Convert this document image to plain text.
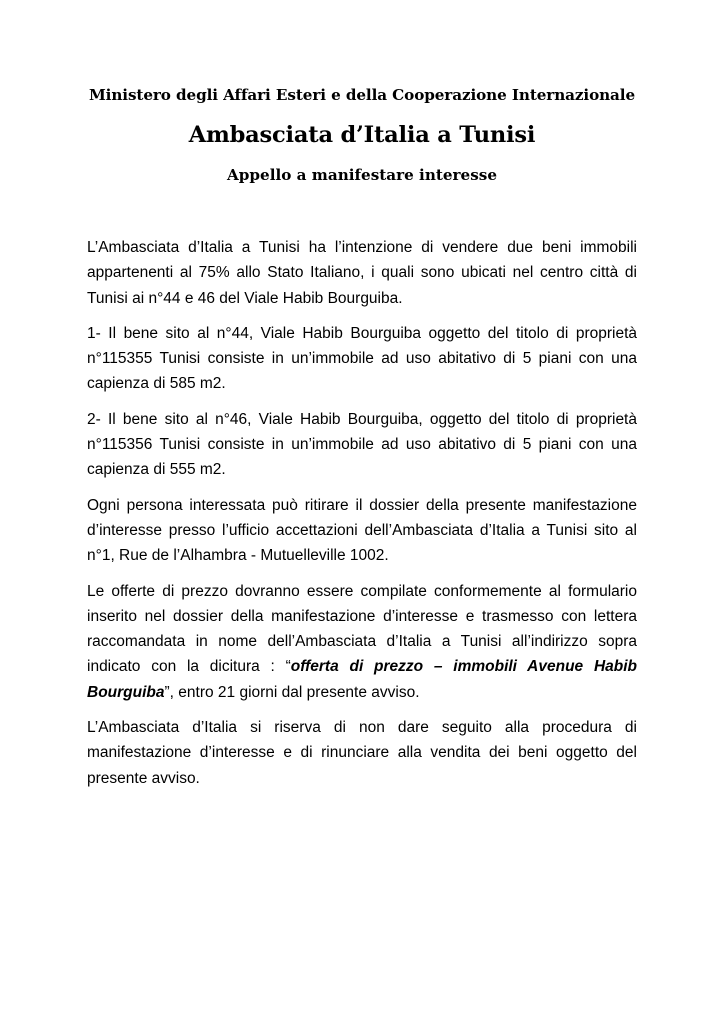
Ministero degli Affari Esteri e della Cooperazione Internazionale
Ambasciata d’Italia a Tunisi
Appello a manifestare interesse

L’Ambasciata d’Italia a Tunisi ha l’intenzione di vendere due beni immobili appartenenti al 75% allo Stato Italiano, i quali sono ubicati nel centro città di Tunisi ai n°44 e 46 del Viale Habib Bourguiba.

1- Il bene sito al n°44, Viale Habib Bourguiba oggetto del titolo di proprietà n°115355 Tunisi consiste in un’immobile ad uso abitativo di 5 piani con una capienza di 585 m2.

2- Il bene sito al n°46, Viale Habib Bourguiba, oggetto del titolo di proprietà n°115356 Tunisi consiste in un’immobile ad uso abitativo di 5 piani con una capienza di 555 m2.

Ogni persona interessata può ritirare il dossier della presente manifestazione d’interesse presso l’ufficio accettazioni dell’Ambasciata d’Italia a Tunisi sito al n°1, Rue de l’Alhambra - Mutuelleville 1002.

Le offerte di prezzo dovranno essere compilate conformemente al formulario inserito nel dossier della manifestazione d’interesse e trasmesso con lettera raccomandata in nome dell’Ambasciata d’Italia a Tunisi all’indirizzo sopra indicato con la dicitura : “offerta di prezzo – immobili Avenue Habib Bourguiba”, entro 21 giorni dal presente avviso.

L’Ambasciata d’Italia si riserva di non dare seguito alla procedura di manifestazione d’interesse e di rinunciare alla vendita dei beni oggetto del presente avviso.
